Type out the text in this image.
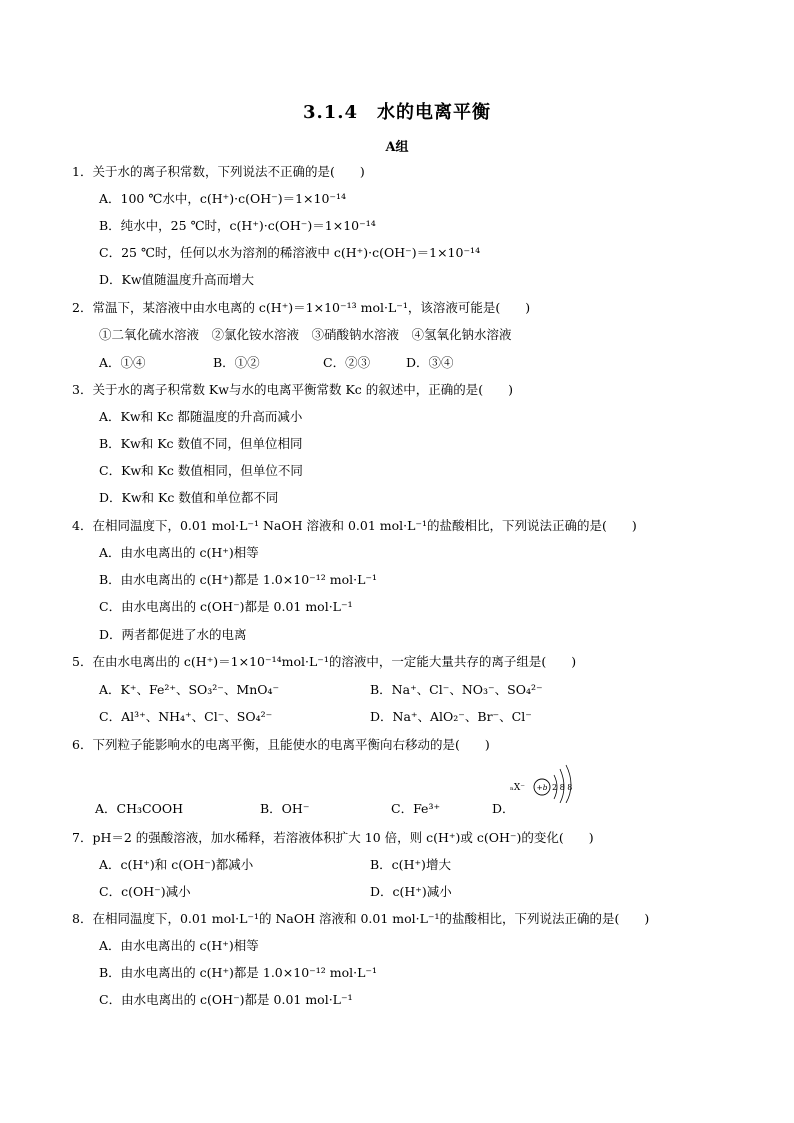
3.1.4　水的电离平衡
A组
1．关于水的离子积常数，下列说法不正确的是(　　)
A．100 ℃水中，c(H⁺)·c(OH⁻)＝1×10⁻¹⁴
B．纯水中，25 ℃时，c(H⁺)·c(OH⁻)＝1×10⁻¹⁴
C．25 ℃时，任何以水为溶剂的稀溶液中 c(H⁺)·c(OH⁻)＝1×10⁻¹⁴
D．Kᴡ值随温度升高而增大
2．常温下，某溶液中由水电离的 c(H⁺)＝1×10⁻¹³ mol·L⁻¹，该溶液可能是(　　)
①二氧化硫水溶液　②氯化铵水溶液　③硝酸钠水溶液　④氢氧化钠水溶液
A．①④	B．①②	C．②③	D．③④
3．关于水的离子积常数 Kᴡ与水的电离平衡常数 Kc 的叙述中，正确的是(　　)
A．Kᴡ和 Kc 都随温度的升高而减小
B．Kᴡ和 Kc 数值不同，但单位相同
C．Kᴡ和 Kc 数值相同，但单位不同
D．Kᴡ和 Kc 数值和单位都不同
4．在相同温度下，0.01 mol·L⁻¹ NaOH 溶液和 0.01 mol·L⁻¹的盐酸相比，下列说法正确的是(　　)
A．由水电离出的 c(H⁺)相等
B．由水电离出的 c(H⁺)都是 1.0×10⁻¹² mol·L⁻¹
C．由水电离出的 c(OH⁻)都是 0.01 mol·L⁻¹
D．两者都促进了水的电离
5．在由水电离出的 c(H⁺)＝1×10⁻¹⁴mol·L⁻¹的溶液中，一定能大量共存的离子组是(　　)
A．K⁺、Fe²⁺、SO₃²⁻、MnO₄⁻	B．Na⁺、Cl⁻、NO₃⁻、SO₄²⁻
C．Al³⁺、NH₄⁺、Cl⁻、SO₄²⁻	D．Na⁺、AlO₂⁻、Br⁻、Cl⁻
6．下列粒子能影响水的电离平衡，且能使水的电离平衡向右移动的是(　　)
A．CH₃COOH	B．OH⁻	C．Fe³⁺	D．
ₙX⁻ +b 2 8 8
7．pH＝2 的强酸溶液，加水稀释，若溶液体积扩大 10 倍，则 c(H⁺)或 c(OH⁻)的变化(　　)
A．c(H⁺)和 c(OH⁻)都减小	B．c(H⁺)增大
C．c(OH⁻)减小	D．c(H⁺)减小
8．在相同温度下，0.01 mol·L⁻¹的 NaOH 溶液和 0.01 mol·L⁻¹的盐酸相比，下列说法正确的是(　　)
A．由水电离出的 c(H⁺)相等
B．由水电离出的 c(H⁺)都是 1.0×10⁻¹² mol·L⁻¹
C．由水电离出的 c(OH⁻)都是 0.01 mol·L⁻¹
